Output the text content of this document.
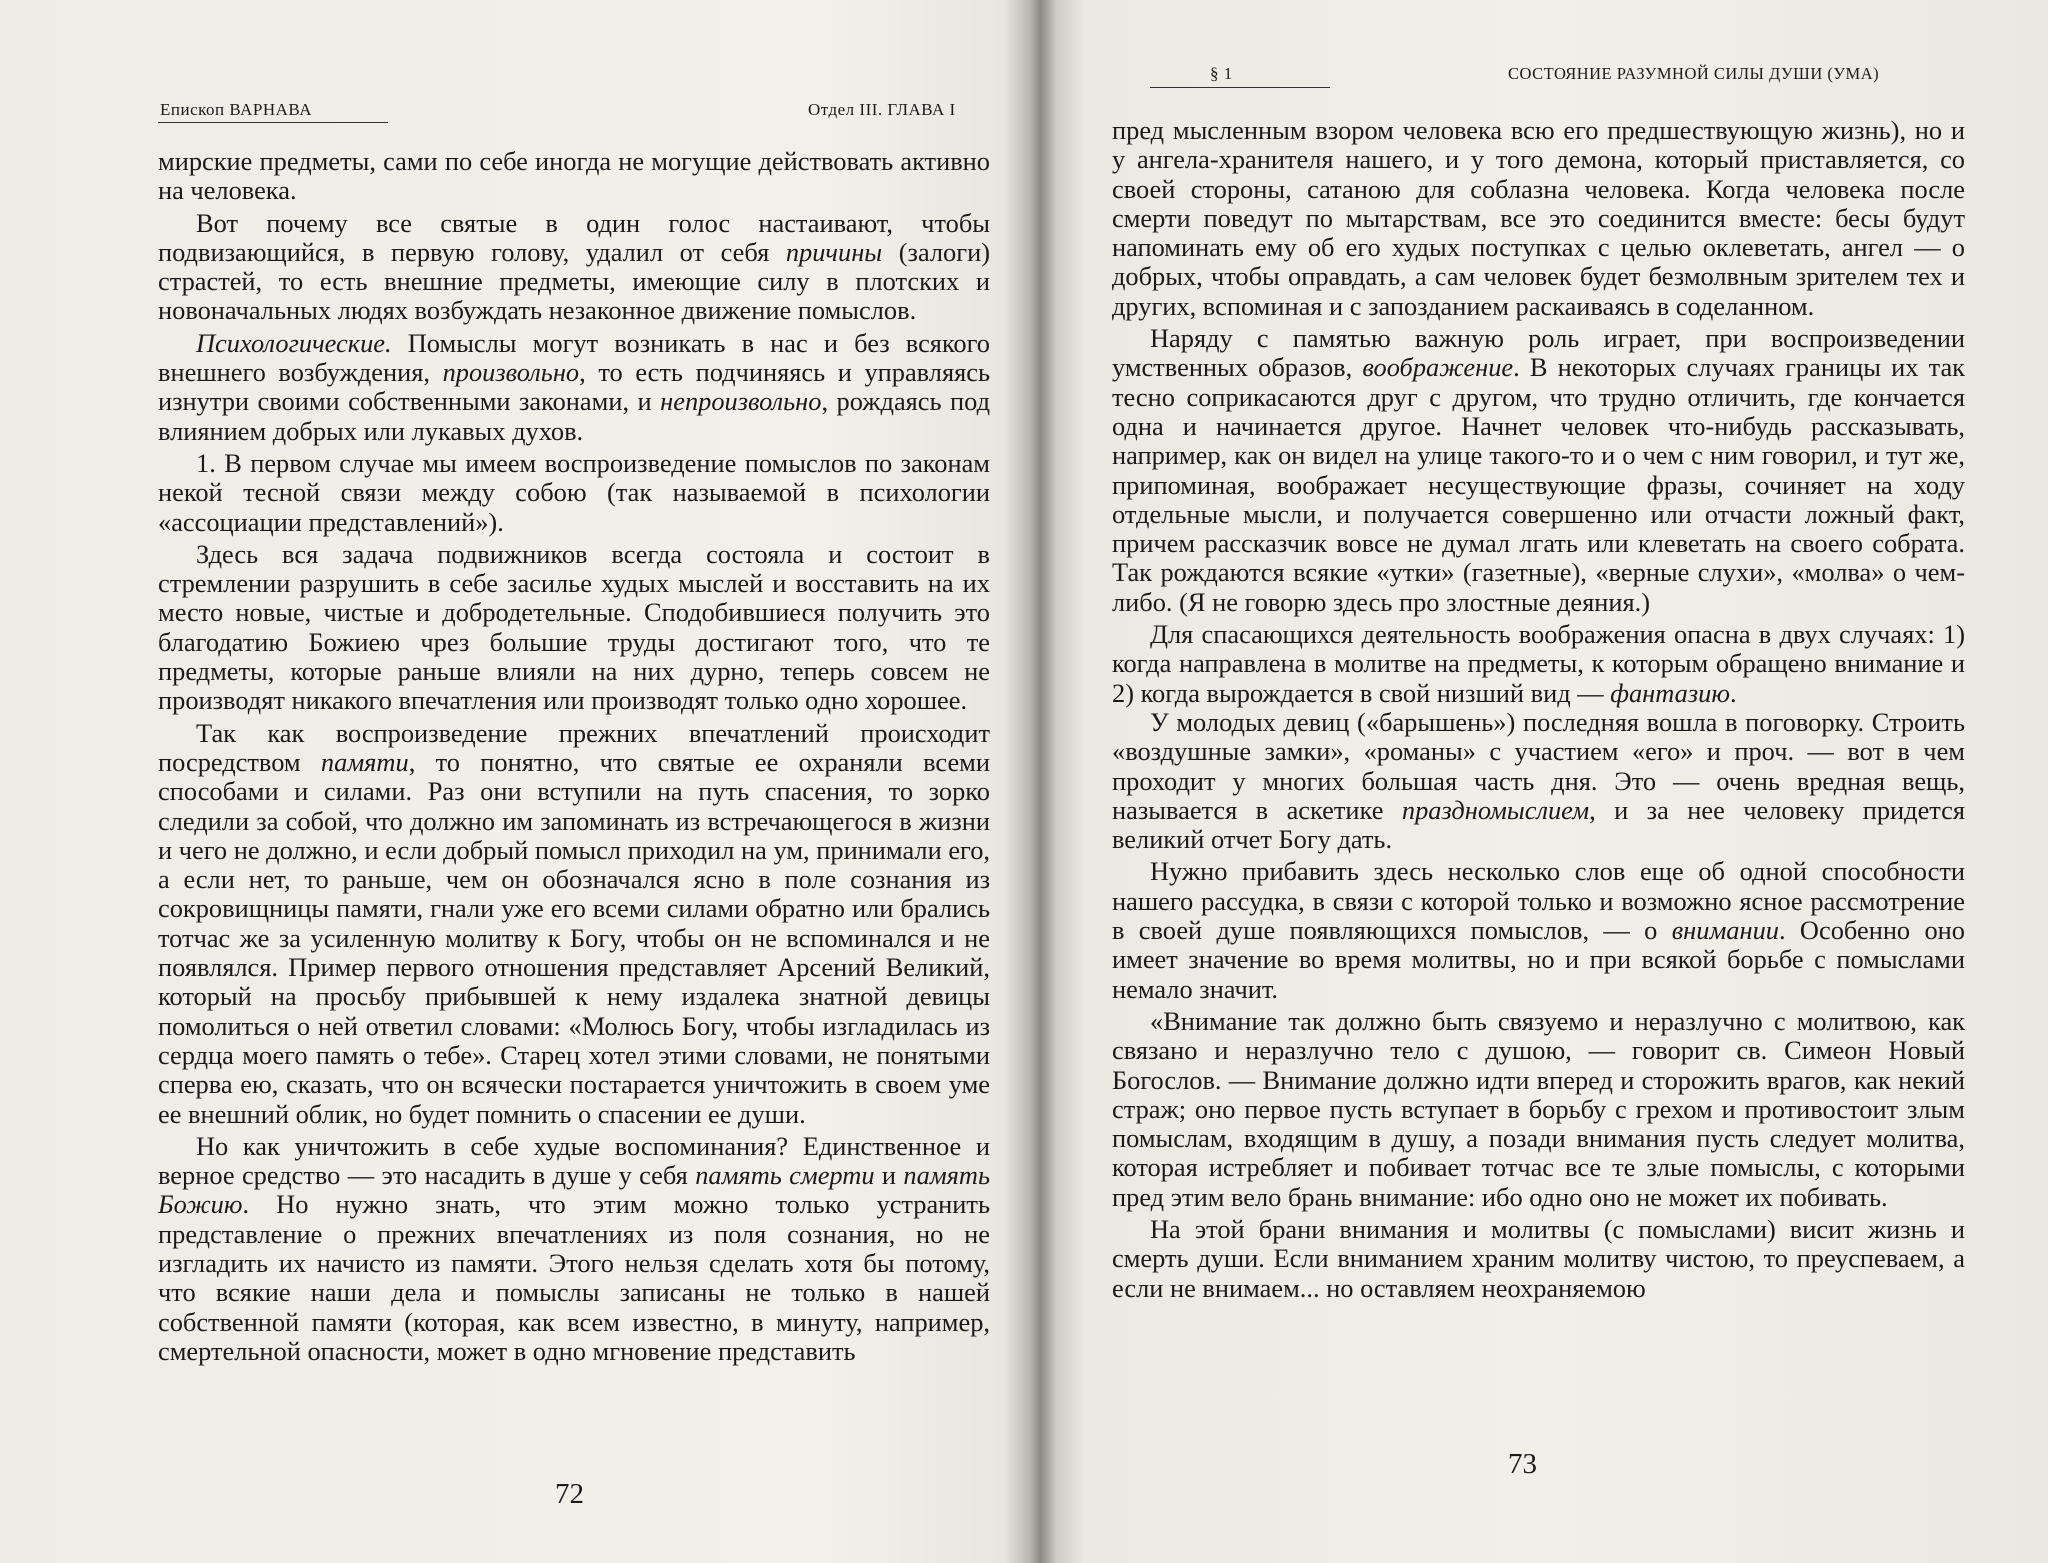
Епископ ВАРНАВА	Отдел III. ГЛАВА I

мирские предметы, сами по себе иногда не могущие действовать активно на человека.

Вот почему все святые в один голос настаивают, чтобы подвизающийся, в первую голову, удалил от себя причины (залоги) страстей, то есть внешние предметы, имеющие силу в плотских и новоначальных людях возбуждать незаконное движение помыслов.

Психологические. Помыслы могут возникать в нас и без всякого внешнего возбуждения, произвольно, то есть подчиняясь и управляясь изнутри своими собственными законами, и непроизвольно, рождаясь под влиянием добрых или лукавых духов.

1. В первом случае мы имеем воспроизведение помыслов по законам некой тесной связи между собою (так называемой в психологии «ассоциации представлений»).

Здесь вся задача подвижников всегда состояла и состоит в стремлении разрушить в себе засилье худых мыслей и восставить на их место новые, чистые и добродетельные. Сподобившиеся получить это благодатию Божиею чрез большие труды достигают того, что те предметы, которые раньше влияли на них дурно, теперь совсем не производят никакого впечатления или производят только одно хорошее.

Так как воспроизведение прежних впечатлений происходит посредством памяти, то понятно, что святые ее охраняли всеми способами и силами. Раз они вступили на путь спасения, то зорко следили за собой, что должно им запоминать из встречающегося в жизни и чего не должно, и если добрый помысл приходил на ум, принимали его, а если нет, то раньше, чем он обозначался ясно в поле сознания из сокровищницы памяти, гнали уже его всеми силами обратно или брались тотчас же за усиленную молитву к Богу, чтобы он не вспоминался и не появлялся. Пример первого отношения представляет Арсений Великий, который на просьбу прибывшей к нему издалека знатной девицы помолиться о ней ответил словами: «Молюсь Богу, чтобы изгладилась из сердца моего память о тебе». Старец хотел этими словами, не понятыми сперва ею, сказать, что он всячески постарается уничтожить в своем уме ее внешний облик, но будет помнить о спасении ее души.

Но как уничтожить в себе худые воспоминания? Единственное и верное средство — это насадить в душе у себя память смерти и память Божию. Но нужно знать, что этим можно только устранить представление о прежних впечатлениях из поля сознания, но не изгладить их начисто из памяти. Этого нельзя сделать хотя бы потому, что всякие наши дела и помыслы записаны не только в нашей собственной памяти (которая, как всем известно, в минуту, например, смертельной опасности, может в одно мгновение представить

72
§ 1	СОСТОЯНИЕ РАЗУМНОЙ СИЛЫ ДУШИ (УМА)

пред мысленным взором человека всю его предшествующую жизнь), но и у ангела-хранителя нашего, и у того демона, который приставляется, со своей стороны, сатаною для соблазна человека. Когда человека после смерти поведут по мытарствам, все это соединится вместе: бесы будут напоминать ему об его худых поступках с целью оклеветать, ангел — о добрых, чтобы оправдать, а сам человек будет безмолвным зрителем тех и других, вспоминая и с запозданием раскаиваясь в соделанном.

Наряду с памятью важную роль играет, при воспроизведении умственных образов, воображение. В некоторых случаях границы их так тесно соприкасаются друг с другом, что трудно отличить, где кончается одна и начинается другое. Начнет человек что-нибудь рассказывать, например, как он видел на улице такого-то и о чем с ним говорил, и тут же, припоминая, воображает несуществующие фразы, сочиняет на ходу отдельные мысли, и получается совершенно или отчасти ложный факт, причем рассказчик вовсе не думал лгать или клеветать на своего собрата. Так рождаются всякие «утки» (газетные), «верные слухи», «молва» о чем-либо. (Я не говорю здесь про злостные деяния.)

Для спасающихся деятельность воображения опасна в двух случаях: 1) когда направлена в молитве на предметы, к которым обращено внимание и 2) когда вырождается в свой низший вид — фантазию.

У молодых девиц («барышень») последняя вошла в поговорку. Строить «воздушные замки», «романы» с участием «его» и проч. — вот в чем проходит у многих большая часть дня. Это — очень вредная вещь, называется в аскетике праздномыслием, и за нее человеку придется великий отчет Богу дать.

Нужно прибавить здесь несколько слов еще об одной способности нашего рассудка, в связи с которой только и возможно ясное рассмотрение в своей душе появляющихся помыслов, — о внимании. Особенно оно имеет значение во время молитвы, но и при всякой борьбе с помыслами немало значит.

«Внимание так должно быть связуемо и неразлучно с молитвою, как связано и неразлучно тело с душою, — говорит св. Симеон Новый Богослов. — Внимание должно идти вперед и сторожить врагов, как некий страж; оно первое пусть вступает в борьбу с грехом и противостоит злым помыслам, входящим в душу, а позади внимания пусть следует молитва, которая истребляет и побивает тотчас все те злые помыслы, с которыми пред этим вело брань внимание: ибо одно оно не может их побивать.

На этой брани внимания и молитвы (с помыслами) висит жизнь и смерть души. Если вниманием храним молитву чистою, то преуспеваем, а если не внимаем... но оставляем неохраняемою

73
